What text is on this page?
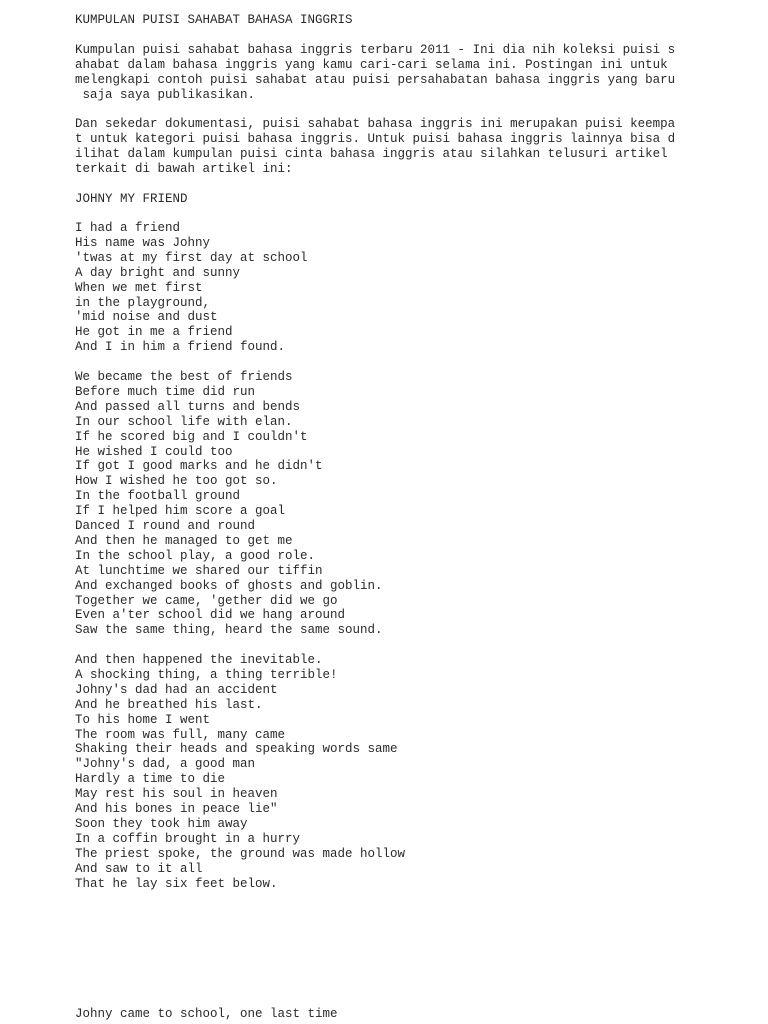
KUMPULAN PUISI SAHABAT BAHASA INGGRIS

Kumpulan puisi sahabat bahasa inggris terbaru 2011 - Ini dia nih koleksi puisi s

ahabat dalam bahasa inggris yang kamu cari-cari selama ini. Postingan ini untuk

melengkapi contoh puisi sahabat atau puisi persahabatan bahasa inggris yang baru

saja saya publikasikan.

Dan sekedar dokumentasi, puisi sahabat bahasa inggris ini merupakan puisi keempa

t untuk kategori puisi bahasa inggris. Untuk puisi bahasa inggris lainnya bisa d

ilihat dalam kumpulan puisi cinta bahasa inggris atau silahkan telusuri artikel

terkait di bawah artikel ini:

JOHNY MY FRIEND

I had a friend

His name was Johny

'twas at my first day at school

A day bright and sunny

When we met first

in the playground,

'mid noise and dust

He got in me a friend

And I in him a friend found.

We became the best of friends

Before much time did run

And passed all turns and bends

In our school life with elan.

If he scored big and I couldn't

He wished I could too

If got I good marks and he didn't

How I wished he too got so.

In the football ground

If I helped him score a goal

Danced I round and round

And then he managed to get me

In the school play, a good role.

At lunchtime we shared our tiffin

And exchanged books of ghosts and goblin.

Together we came, 'gether did we go

Even a'ter school did we hang around

Saw the same thing, heard the same sound.

And then happened the inevitable.

A shocking thing, a thing terrible!

Johny's dad had an accident

And he breathed his last.

To his home I went

The room was full, many came

Shaking their heads and speaking words same

"Johny's dad, a good man

Hardly a time to die

May rest his soul in heaven

And his bones in peace lie"

Soon they took him away

In a coffin brought in a hurry

The priest spoke, the ground was made hollow

And saw to it all

That he lay six feet below.

Johny came to school, one last time
